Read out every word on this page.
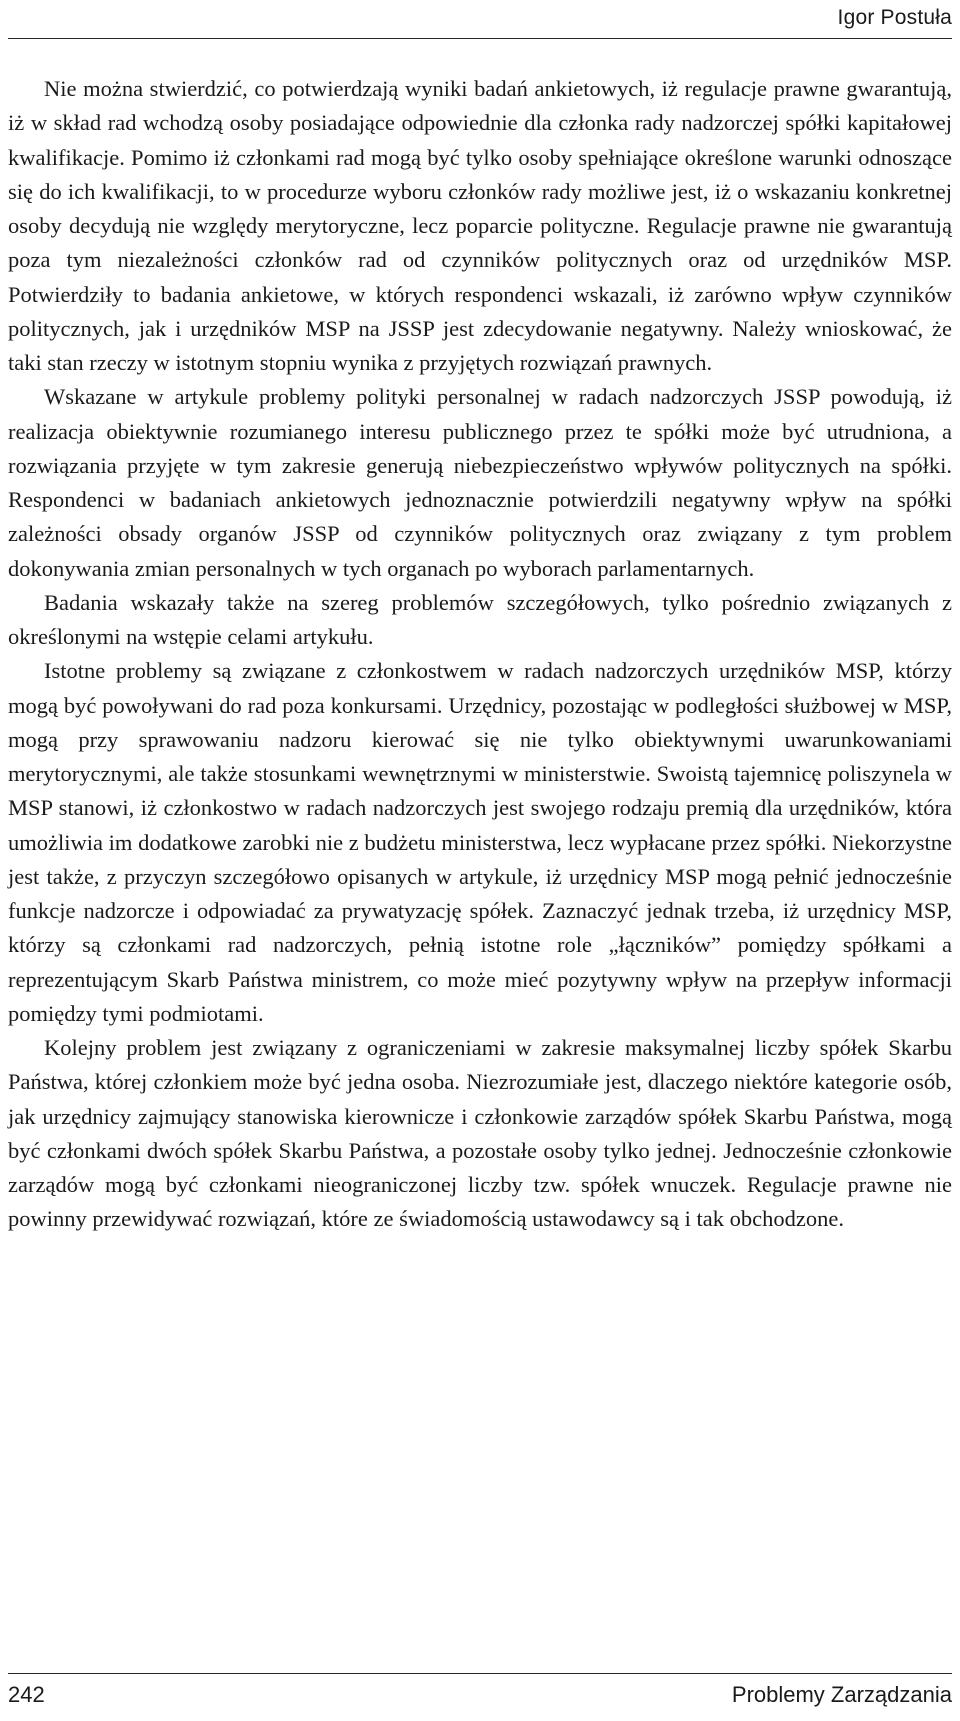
Igor Postuła

Nie można stwierdzić, co potwierdzają wyniki badań ankietowych, iż regulacje prawne gwarantują, iż w skład rad wchodzą osoby posiadające odpowiednie dla członka rady nadzorczej spółki kapitałowej kwalifikacje. Pomimo iż członkami rad mogą być tylko osoby spełniające określone warunki odnoszące się do ich kwalifikacji, to w procedurze wyboru członków rady możliwe jest, iż o wskazaniu konkretnej osoby decydują nie względy merytoryczne, lecz poparcie polityczne. Regulacje prawne nie gwarantują poza tym niezależności członków rad od czynników politycznych oraz od urzędników MSP. Potwierdziły to badania ankietowe, w których respondenci wskazali, iż zarówno wpływ czynników politycznych, jak i urzędników MSP na JSSP jest zdecydowanie negatywny. Należy wnioskować, że taki stan rzeczy w istotnym stopniu wynika z przyjętych rozwiązań prawnych.

Wskazane w artykule problemy polityki personalnej w radach nadzorczych JSSP powodują, iż realizacja obiektywnie rozumianego interesu publicznego przez te spółki może być utrudniona, a rozwiązania przyjęte w tym zakresie generują niebezpieczeństwo wpływów politycznych na spółki. Respondenci w badaniach ankietowych jednoznacznie potwierdzili negatywny wpływ na spółki zależności obsady organów JSSP od czynników politycznych oraz związany z tym problem dokonywania zmian personalnych w tych organach po wyborach parlamentarnych.

Badania wskazały także na szereg problemów szczegółowych, tylko pośrednio związanych z określonymi na wstępie celami artykułu.

Istotne problemy są związane z członkostwem w radach nadzorczych urzędników MSP, którzy mogą być powoływani do rad poza konkursami. Urzędnicy, pozostając w podległości służbowej w MSP, mogą przy sprawowaniu nadzoru kierować się nie tylko obiektywnymi uwarunkowaniami merytorycznymi, ale także stosunkami wewnętrznymi w ministerstwie. Swoistą tajemnicę poliszynela w MSP stanowi, iż członkostwo w radach nadzorczych jest swojego rodzaju premią dla urzędników, która umożliwia im dodatkowe zarobki nie z budżetu ministerstwa, lecz wypłacane przez spółki. Niekorzystne jest także, z przyczyn szczegółowo opisanych w artykule, iż urzędnicy MSP mogą pełnić jednocześnie funkcje nadzorcze i odpowiadać za prywatyzację spółek. Zaznaczyć jednak trzeba, iż urzędnicy MSP, którzy są członkami rad nadzorczych, pełnią istotne role „łączników” pomiędzy spółkami a reprezentującym Skarb Państwa ministrem, co może mieć pozytywny wpływ na przepływ informacji pomiędzy tymi podmiotami.

Kolejny problem jest związany z ograniczeniami w zakresie maksymalnej liczby spółek Skarbu Państwa, której członkiem może być jedna osoba. Niezrozumiałe jest, dlaczego niektóre kategorie osób, jak urzędnicy zajmujący stanowiska kierownicze i członkowie zarządów spółek Skarbu Państwa, mogą być członkami dwóch spółek Skarbu Państwa, a pozostałe osoby tylko jednej. Jednocześnie członkowie zarządów mogą być członkami nieograniczonej liczby tzw. spółek wnuczek. Regulacje prawne nie powinny przewidywać rozwiązań, które ze świadomością ustawodawcy są i tak obchodzone.

242	Problemy Zarządzania
